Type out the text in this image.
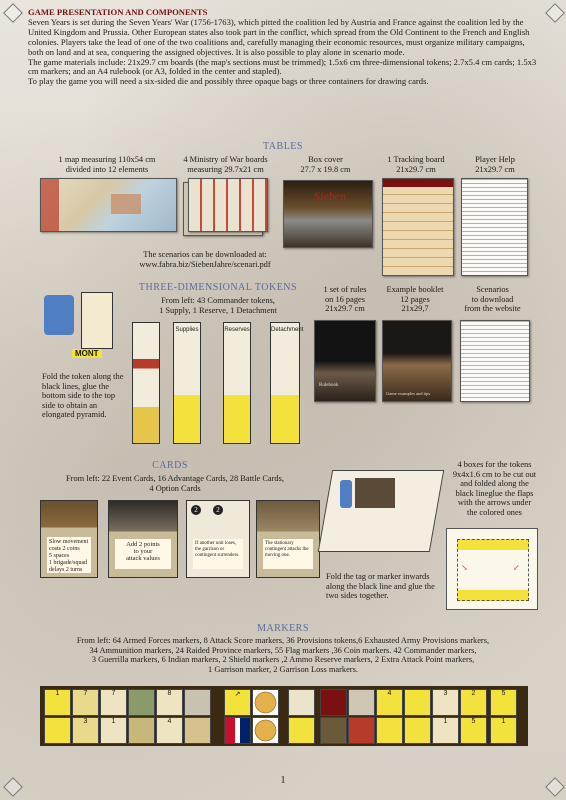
GAME PRESENTATION AND COMPONENTS

Seven Years is set during the Seven Years' War (1756-1763), which pitted the coalition led by Austria and France against the coalition led by the United Kingdom and Prussia. Other European states also took part in the conflict, which spread from the Old Continent to the French and English colonies. Players take the lead of one of the two coalitions and, carefully managing their economic resources, must organize military campaigns, both on land and at sea, conquering the assigned objectives. It is also possible to play alone in scenario mode.

The game materials include: 21x29.7 cm boards (the map's sections must be trimmed); 1.5x6 cm three-dimensional tokens; 2.7x5.4 cm cards; 1.5x3 cm markers; and an A4 rulebook (or A3, folded in the center and stapled).

To play the game you will need a six-sided die and possibly three opaque bags or three containers for drawing cards.

TABLES
1 map measuring 110x54 cm
divided into 12 elements
4 Ministry of War boards
measuring 29.7x21 cm
Box cover
27.7 x 19.8 cm
1 Tracking board
21x29.7 cm
Player Help
21x29.7 cm
Sieben
The scenarios can be downloaded at:
www.fabra.biz/SiebenJahre/scenari.pdf
THREE-DIMENSIONAL TOKENS
From left: 43 Commander tokens,
1 Supply, 1 Reserve, 1 Detachment
MONT
Fold the token along the black lines, glue the bottom side to the top side to obtain an elongated pyramid.
Supplies	Reserves	Detachment
1 set of rules
on 16 pages
21x29.7 cm
Example booklet
12 pages
21x29,7
Scenarios
to download
from the website
Rulebook
Game examples and tips
CARDS
From left: 22 Event Cards, 16 Advantage Cards, 28 Battle Cards,
4 Option Cards
Slow movement
costs 2 coins
5 spaces
1 brigade/squad
delays 2 turns
Add 2 points
to your
attack values
2	2
If another unit loses, the garrison or contingent surrenders.
The stationary contingent attacks the moving one.
4 boxes for the tokens 9x4x1.6 cm to be cut out and folded along the black lineglue the flaps with the arrows under the colored ones
Fold the tag or marker inwards along the black line and glue the two sides together.
↘	↙
MARKERS
From left: 64 Armed Forces markers, 8 Attack Score markers, 36 Provisions tokens,6 Exhausted Army Provisions markers,
34 Ammunition markers, 24 Raided Province markers, 55 Flag markers ,36 Coin markers. 42 Commander markers,
3 Guerrilla markers, 6 Indian markers, 2 Shield markers ,2 Ammo Reserve markers, 2 Extra Attack Point markers,
1 Garrison marker, 2 Garrison Loss markers.
1	7
3
7
1
8
4
↗	4	3
1
2
5
5
1
1
